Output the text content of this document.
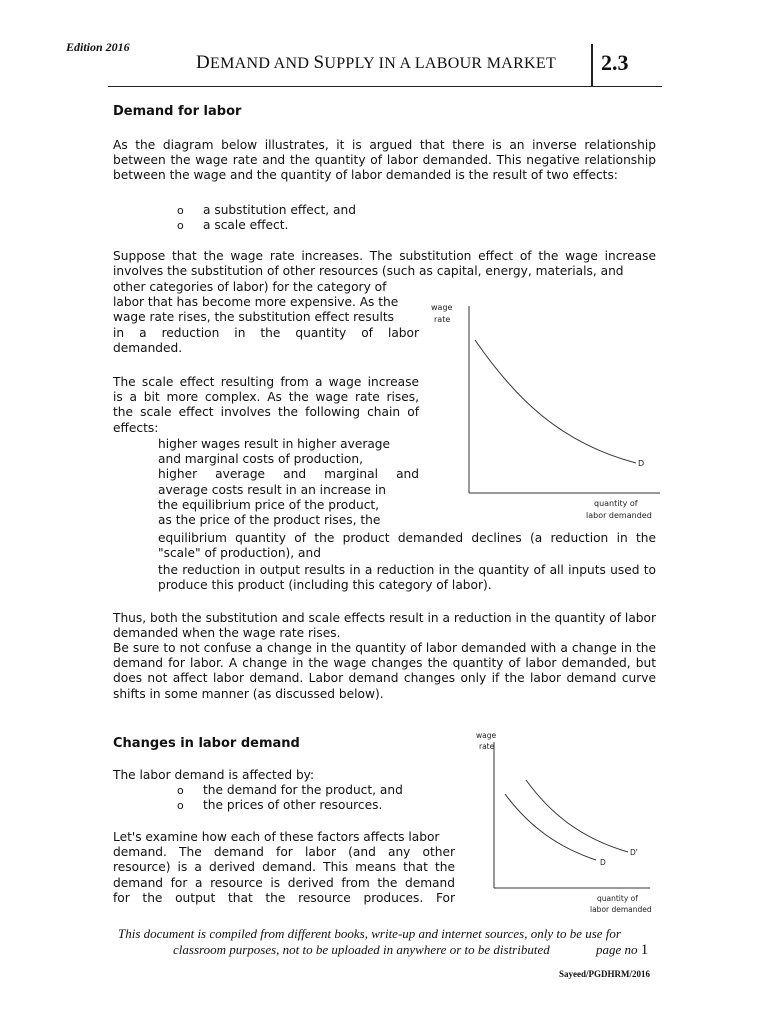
Edition 2016
DEMAND AND SUPPLY IN A LABOUR MARKET 2.3
Demand for labor
As the diagram below illustrates, it is argued that there is an inverse relationship between the wage rate and the quantity of labor demanded. This negative relationship between the wage and the quantity of labor demanded is the result of two effects:
o a substitution effect, and
o a scale effect.
Suppose that the wage rate increases. The substitution effect of the wage increase involves the substitution of other resources (such as capital, energy, materials, and
other categories of labor) for the category of
labor that has become more expensive. As the
wage rate rises, the substitution effect results
in a reduction in the quantity of labor
demanded.
The scale effect resulting from a wage increase
is a bit more complex. As the wage rate rises,
the scale effect involves the following chain of
effects:
higher wages result in higher average
and marginal costs of production,
higher average and marginal and
average costs result in an increase in
the equilibrium price of the product,
as the price of the product rises, the
equilibrium quantity of the product demanded declines (a reduction in the "scale" of production), and
the reduction in output results in a reduction in the quantity of all inputs used to produce this product (including this category of labor).
Thus, both the substitution and scale effects result in a reduction in the quantity of labor demanded when the wage rate rises.
Be sure to not confuse a change in the quantity of labor demanded with a change in the demand for labor. A change in the wage changes the quantity of labor demanded, but does not affect labor demand. Labor demand changes only if the labor demand curve shifts in some manner (as discussed below).
wage
rate
D
quantity of
labor demanded
Changes in labor demand
The labor demand is affected by:
o the demand for the product, and
o the prices of other resources.
Let's examine how each of these factors affects labor
demand. The demand for labor (and any other
resource) is a derived demand. This means that the
demand for a resource is derived from the demand
for the output that the resource produces. For
wage
rate
D'
D
quantity of
labor demanded
This document is compiled from different books, write-up and internet sources, only to be use for
classroom purposes, not to be uploaded in anywhere or to be distributed	page no 1
Sayeed/PGDHRM/2016
